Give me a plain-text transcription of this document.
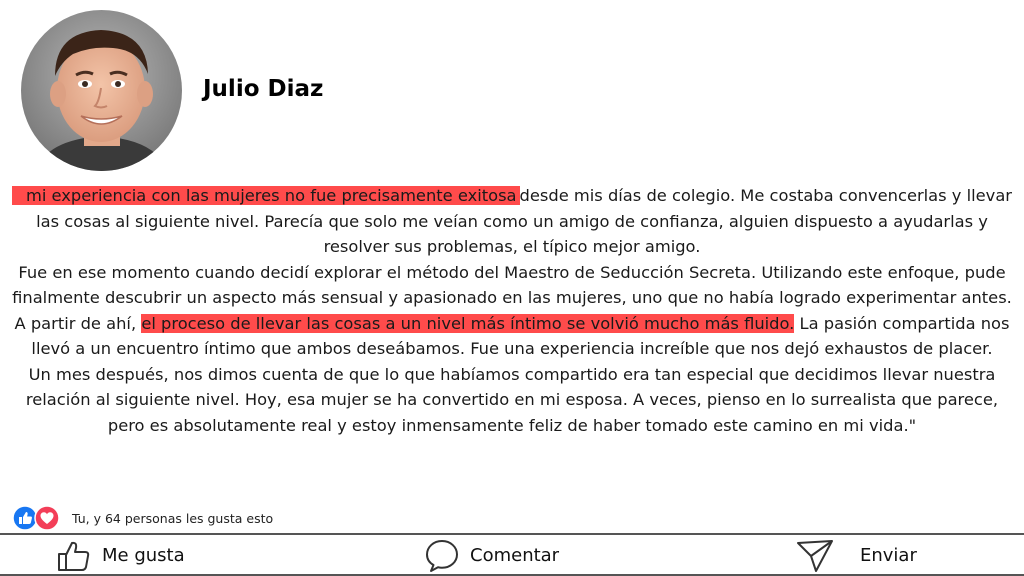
Julio Diaz

mi experiencia con las mujeres no fue precisamente exitosa desde mis días de colegio. Me costaba convencerlas y llevar las cosas al siguiente nivel. Parecía que solo me veían como un amigo de confianza, alguien dispuesto a ayudarlas y resolver sus problemas, el típico mejor amigo.

Fue en ese momento cuando decidí explorar el método del Maestro de Seducción Secreta. Utilizando este enfoque, pude finalmente descubrir un aspecto más sensual y apasionado en las mujeres, uno que no había logrado experimentar antes.

A partir de ahí, el proceso de llevar las cosas a un nivel más íntimo se volvió mucho más fluido. La pasión compartida nos llevó a un encuentro íntimo que ambos deseábamos. Fue una experiencia increíble que nos dejó exhaustos de placer.

Un mes después, nos dimos cuenta de que lo que habíamos compartido era tan especial que decidimos llevar nuestra relación al siguiente nivel. Hoy, esa mujer se ha convertido en mi esposa. A veces, pienso en lo surrealista que parece, pero es absolutamente real y estoy inmensamente feliz de haber tomado este camino en mi vida."

Tu, y 64 personas les gusta esto
Me gusta	Comentar	Enviar
